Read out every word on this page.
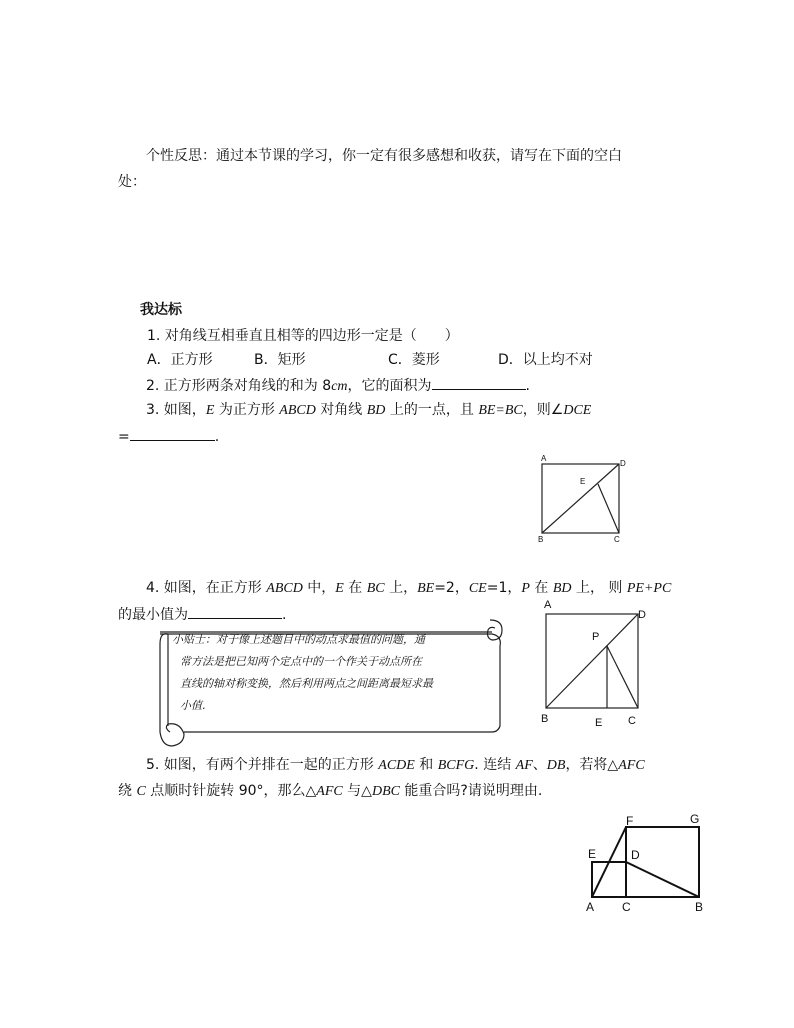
个性反思：通过本节课的学习，你一定有很多感想和收获，请写在下面的空白
处：
我达标
1. 对角线互相垂直且相等的四边形一定是（　　）
A．正方形	B．矩形	C．菱形	D．以上均不对
2. 正方形两条对角线的和为 8cm，它的面积为	.
3. 如图，E 为正方形 ABCD 对角线 BD 上的一点，且 BE=BC，则∠DCE
=	.
A
D
E
B	C
4. 如图，在正方形 ABCD 中，E 在 BC 上，BE=2，CE=1，P 在 BD 上， 则 PE+PC
的最小值为	.
小贴士：对于像上述题目中的动点求最值的问题，通
常方法是把已知两个定点中的一个作关于动点所在
直线的轴对称变换，然后利用两点之间距离最短求最
小值.
A
D
P
B	E C
5. 如图，有两个并排在一起的正方形 ACDE 和 BCFG. 连结 AF、DB，若将△AFC
绕 C 点顺时针旋转 90°，那么△AFC 与△DBC 能重合吗?请说明理由.
F	G
E	D
A C	B
